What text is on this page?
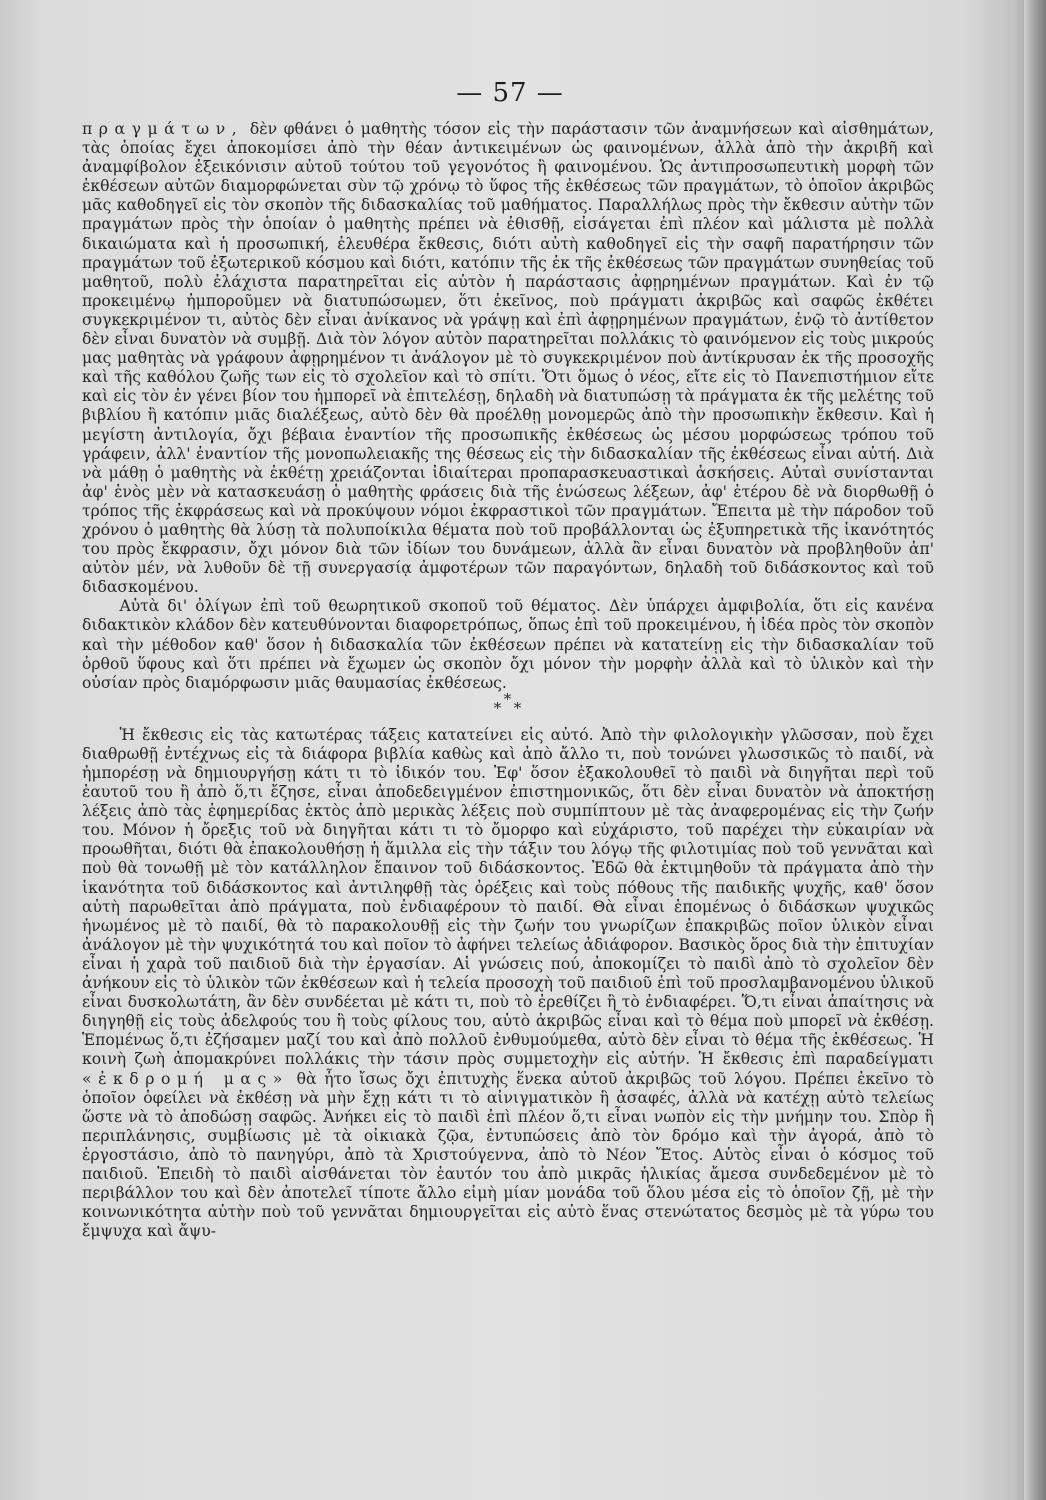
— 57 —

πραγμάτων, δὲν φθάνει ὁ μαθητὴς τόσον εἰς τὴν παράστασιν τῶν ἀναμνήσεων καὶ αἰσθημάτων, τὰς ὁποίας ἔχει ἀποκομίσει ἀπὸ τὴν θέαν ἀντικειμένων ὡς φαινομένων, ἀλλὰ ἀπὸ τὴν ἀκριβῆ καὶ ἀναμφίβολον ἐξεικόνισιν αὐτοῦ τούτου τοῦ γεγονότος ἢ φαινομένου. Ὡς ἀντιπροσωπευτικὴ μορφὴ τῶν ἐκθέσεων αὐτῶν διαμορφώνεται σὺν τῷ χρόνῳ τὸ ὕφος τῆς ἐκθέσεως τῶν πραγμάτων, τὸ ὁποῖον ἀκριβῶς μᾶς καθοδηγεῖ εἰς τὸν σκοπὸν τῆς διδασκαλίας τοῦ μαθήματος. Παραλλήλως πρὸς τὴν ἔκθεσιν αὐτὴν τῶν πραγμάτων πρὸς τὴν ὁποίαν ὁ μαθητὴς πρέπει νὰ ἐθισθῇ, εἰσάγεται ἐπὶ πλέον καὶ μάλιστα μὲ πολλὰ δικαιώματα καὶ ἡ προσωπική, ἐλευθέρα ἔκθεσις, διότι αὐτὴ καθοδηγεῖ εἰς τὴν σαφῆ παρατήρησιν τῶν πραγμάτων τοῦ ἐξωτερικοῦ κόσμου καὶ διότι, κατόπιν τῆς ἐκ τῆς ἐκθέσεως τῶν πραγμάτων συνηθείας τοῦ μαθητοῦ, πολὺ ἐλάχιστα παρατηρεῖται εἰς αὐτὸν ἡ παράστασις ἀφῃρημένων πραγμάτων. Καὶ ἐν τῷ προκειμένῳ ἠμποροῦμεν νὰ διατυπώσωμεν, ὅτι ἐκεῖνος, ποὺ πράγματι ἀκριβῶς καὶ σαφῶς ἐκθέτει συγκεκριμένον τι, αὐτὸς δὲν εἶναι ἀνίκανος νὰ γράψῃ καὶ ἐπὶ ἀφῃρημένων πραγμάτων, ἐνῷ τὸ ἀντίθετον δὲν εἶναι δυνατὸν νὰ συμβῇ. Διὰ τὸν λόγον αὐτὸν παρατηρεῖται πολλάκις τὸ φαινόμενον εἰς τοὺς μικρούς μας μαθητὰς νὰ γράφουν ἀφῃρημένον τι ἀνάλογον μὲ τὸ συγκεκριμένον ποὺ ἀντίκρυσαν ἐκ τῆς προσοχῆς καὶ τῆς καθόλου ζωῆς των εἰς τὸ σχολεῖον καὶ τὸ σπίτι. Ὅτι ὅμως ὁ νέος, εἴτε εἰς τὸ Πανεπιστήμιον εἴτε καὶ εἰς τὸν ἐν γένει βίον του ἠμπορεῖ νὰ ἐπιτελέσῃ, δηλαδὴ νὰ διατυπώσῃ τὰ πράγματα ἐκ τῆς μελέτης τοῦ βιβλίου ἢ κατόπιν μιᾶς διαλέξεως, αὐτὸ δὲν θὰ προέλθῃ μονομερῶς ἀπὸ τὴν προσωπικὴν ἔκθεσιν. Καὶ ἡ μεγίστη ἀντιλογία, ὄχι βέβαια ἐναντίον τῆς προσωπικῆς ἐκθέσεως ὡς μέσου μορφώσεως τρόπου τοῦ γράφειν, ἀλλ' ἐναντίον τῆς μονοπωλειακῆς της θέσεως εἰς τὴν διδασκαλίαν τῆς ἐκθέσεως εἶναι αὐτή. Διὰ νὰ μάθῃ ὁ μαθητὴς νὰ ἐκθέτῃ χρειάζονται ἰδιαίτεραι προπαρασκευαστικαὶ ἀσκήσεις. Αὐταὶ συνίστανται ἀφ' ἑνὸς μὲν νὰ κατασκευάσῃ ὁ μαθητὴς φράσεις διὰ τῆς ἑνώσεως λέξεων, ἀφ' ἑτέρου δὲ νὰ διορθωθῇ ὁ τρόπος τῆς ἐκφράσεως καὶ νὰ προκύψουν νόμοι ἐκφραστικοὶ τῶν πραγμάτων. Ἔπειτα μὲ τὴν πάροδον τοῦ χρόνου ὁ μαθητὴς θὰ λύσῃ τὰ πολυποίκιλα θέματα ποὺ τοῦ προβάλλονται ὡς ἐξυπηρετικὰ τῆς ἱκανότητός του πρὸς ἔκφρασιν, ὄχι μόνον διὰ τῶν ἰδίων του δυνάμεων, ἀλλὰ ἂν εἶναι δυνατὸν νὰ προβληθοῦν ἀπ' αὐτὸν μέν, νὰ λυθοῦν δὲ τῇ συνεργασίᾳ ἀμφοτέρων τῶν παραγόντων, δηλαδὴ τοῦ διδάσκοντος καὶ τοῦ διδασκομένου.

Αὐτὰ δι' ὀλίγων ἐπὶ τοῦ θεωρητικοῦ σκοποῦ τοῦ θέματος. Δὲν ὑπάρχει ἀμφιβολία, ὅτι εἰς κανένα διδακτικὸν κλάδον δὲν κατευθύνονται διαφορετρόπως, ὅπως ἐπὶ τοῦ προκειμένου, ἡ ἰδέα πρὸς τὸν σκοπὸν καὶ τὴν μέθοδον καθ' ὅσον ἡ διδασκαλία τῶν ἐκθέσεων πρέπει νὰ κατατείνῃ εἰς τὴν διδασκαλίαν τοῦ ὀρθοῦ ὕφους καὶ ὅτι πρέπει νὰ ἔχωμεν ὡς σκοπὸν ὄχι μόνον τὴν μορφὴν ἀλλὰ καὶ τὸ ὑλικὸν καὶ τὴν οὐσίαν πρὸς διαμόρφωσιν μιᾶς θαυμασίας ἐκθέσεως.

*
*  *

Ἡ ἔκθεσις εἰς τὰς κατωτέρας τάξεις κατατείνει εἰς αὐτό. Ἀπὸ τὴν φιλολογικὴν γλῶσσαν, ποὺ ἔχει διαθρωθῇ ἐντέχνως εἰς τὰ διάφορα βιβλία καθὼς καὶ ἀπὸ ἄλλο τι, ποὺ τονώνει γλωσσικῶς τὸ παιδί, νὰ ἠμπορέσῃ νὰ δημιουργήσῃ κάτι τι τὸ ἰδικόν του. Ἐφ' ὅσον ἐξακολουθεῖ τὸ παιδὶ νὰ διηγῆται περὶ τοῦ ἑαυτοῦ του ἢ ἀπὸ ὅ,τι ἔζησε, εἶναι ἀποδεδειγμένον ἐπιστημονικῶς, ὅτι δὲν εἶναι δυνατὸν νὰ ἀποκτήσῃ λέξεις ἀπὸ τὰς ἐφημερίδας ἐκτὸς ἀπὸ μερικὰς λέξεις ποὺ συμπίπτουν μὲ τὰς ἀναφερομένας εἰς τὴν ζωήν του. Μόνον ἡ ὄρεξις τοῦ νὰ διηγῆται κάτι τι τὸ ὄμορφο καὶ εὐχάριστο, τοῦ παρέχει τὴν εὐκαιρίαν νὰ προωθῆται, διότι θὰ ἐπακολουθήσῃ ἡ ἅμιλλα εἰς τὴν τάξιν του λόγῳ τῆς φιλοτιμίας ποὺ τοῦ γεννᾶται καὶ ποὺ θὰ τονωθῇ μὲ τὸν κατάλληλον ἔπαινον τοῦ διδάσκοντος. Ἐδῶ θὰ ἐκτιμηθοῦν τὰ πράγματα ἀπὸ τὴν ἱκανότητα τοῦ διδάσκοντος καὶ ἀντιληφθῇ τὰς ὀρέξεις καὶ τοὺς πόθους τῆς παιδικῆς ψυχῆς, καθ' ὅσον αὐτὴ παρωθεῖται ἀπὸ πράγματα, ποὺ ἐνδιαφέρουν τὸ παιδί. Θὰ εἶναι ἑπομένως ὁ διδάσκων ψυχικῶς ἡνωμένος μὲ τὸ παιδί, θὰ τὸ παρακολουθῇ εἰς τὴν ζωήν του γνωρίζων ἐπακριβῶς ποῖον ὑλικὸν εἶναι ἀνάλογον μὲ τὴν ψυχικότητά του καὶ ποῖον τὸ ἀφήνει τελείως ἀδιάφορον. Βασικὸς ὅρος διὰ τὴν ἐπιτυχίαν εἶναι ἡ χαρὰ τοῦ παιδιοῦ διὰ τὴν ἐργασίαν. Αἱ γνώσεις πού, ἀποκομίζει τὸ παιδὶ ἀπὸ τὸ σχολεῖον δὲν ἀνήκουν εἰς τὸ ὑλικὸν τῶν ἐκθέσεων καὶ ἡ τελεία προσοχὴ τοῦ παιδιοῦ ἐπὶ τοῦ προσλαμβανομένου ὑλικοῦ εἶναι δυσκολωτάτη, ἂν δὲν συνδέεται μὲ κάτι τι, ποὺ τὸ ἐρεθίζει ἢ τὸ ἐνδιαφέρει. Ὅ,τι εἶναι ἀπαίτησις νὰ διηγηθῇ εἰς τοὺς ἀδελφούς του ἢ τοὺς φίλους του, αὐτὸ ἀκριβῶς εἶναι καὶ τὸ θέμα ποὺ μπορεῖ νὰ ἐκθέσῃ. Ἑπομένως ὅ,τι ἐζήσαμεν μαζί του καὶ ἀπὸ πολλοῦ ἐνθυμούμεθα, αὐτὸ δὲν εἶναι τὸ θέμα τῆς ἐκθέσεως. Ἡ κοινὴ ζωὴ ἀπομακρύνει πολλάκις τὴν τάσιν πρὸς συμμετοχὴν εἰς αὐτήν. Ἡ ἔκθεσις ἐπὶ παραδείγματι «ἐκδρομή μας» θὰ ἦτο ἴσως ὄχι ἐπιτυχὴς ἕνεκα αὐτοῦ ἀκριβῶς τοῦ λόγου. Πρέπει ἐκεῖνο τὸ ὁποῖον ὀφείλει νὰ ἐκθέσῃ νὰ μὴν ἔχῃ κάτι τι τὸ αἰνιγματικὸν ἢ ἀσαφές, ἀλλὰ νὰ κατέχῃ αὐτὸ τελείως ὥστε νὰ τὸ ἀποδώσῃ σαφῶς. Ἀνήκει εἰς τὸ παιδὶ ἐπὶ πλέον ὅ,τι εἶναι νωπὸν εἰς τὴν μνήμην του. Σπὸρ ἢ περιπλάνησις, συμβίωσις μὲ τὰ οἰκιακὰ ζῷα, ἐντυπώσεις ἀπὸ τὸν δρόμο καὶ τὴν ἀγορά, ἀπὸ τὸ ἐργοστάσιο, ἀπὸ τὸ πανηγύρι, ἀπὸ τὰ Χριστούγεννα, ἀπὸ τὸ Νέον Ἔτος. Αὐτὸς εἶναι ὁ κόσμος τοῦ παιδιοῦ. Ἐπειδὴ τὸ παιδὶ αἰσθάνεται τὸν ἑαυτόν του ἀπὸ μικρᾶς ἡλικίας ἄμεσα συνδεδεμένον μὲ τὸ περιβάλλον του καὶ δὲν ἀποτελεῖ τίποτε ἄλλο εἰμὴ μίαν μονάδα τοῦ ὅλου μέσα εἰς τὸ ὁποῖον ζῇ, μὲ τὴν κοινωνικότητα αὐτὴν ποὺ τοῦ γεννᾶται δημιουργεῖται εἰς αὐτὸ ἕνας στενώτατος δεσμὸς μὲ τὰ γύρω του ἔμψυχα καὶ ἄψυ-
